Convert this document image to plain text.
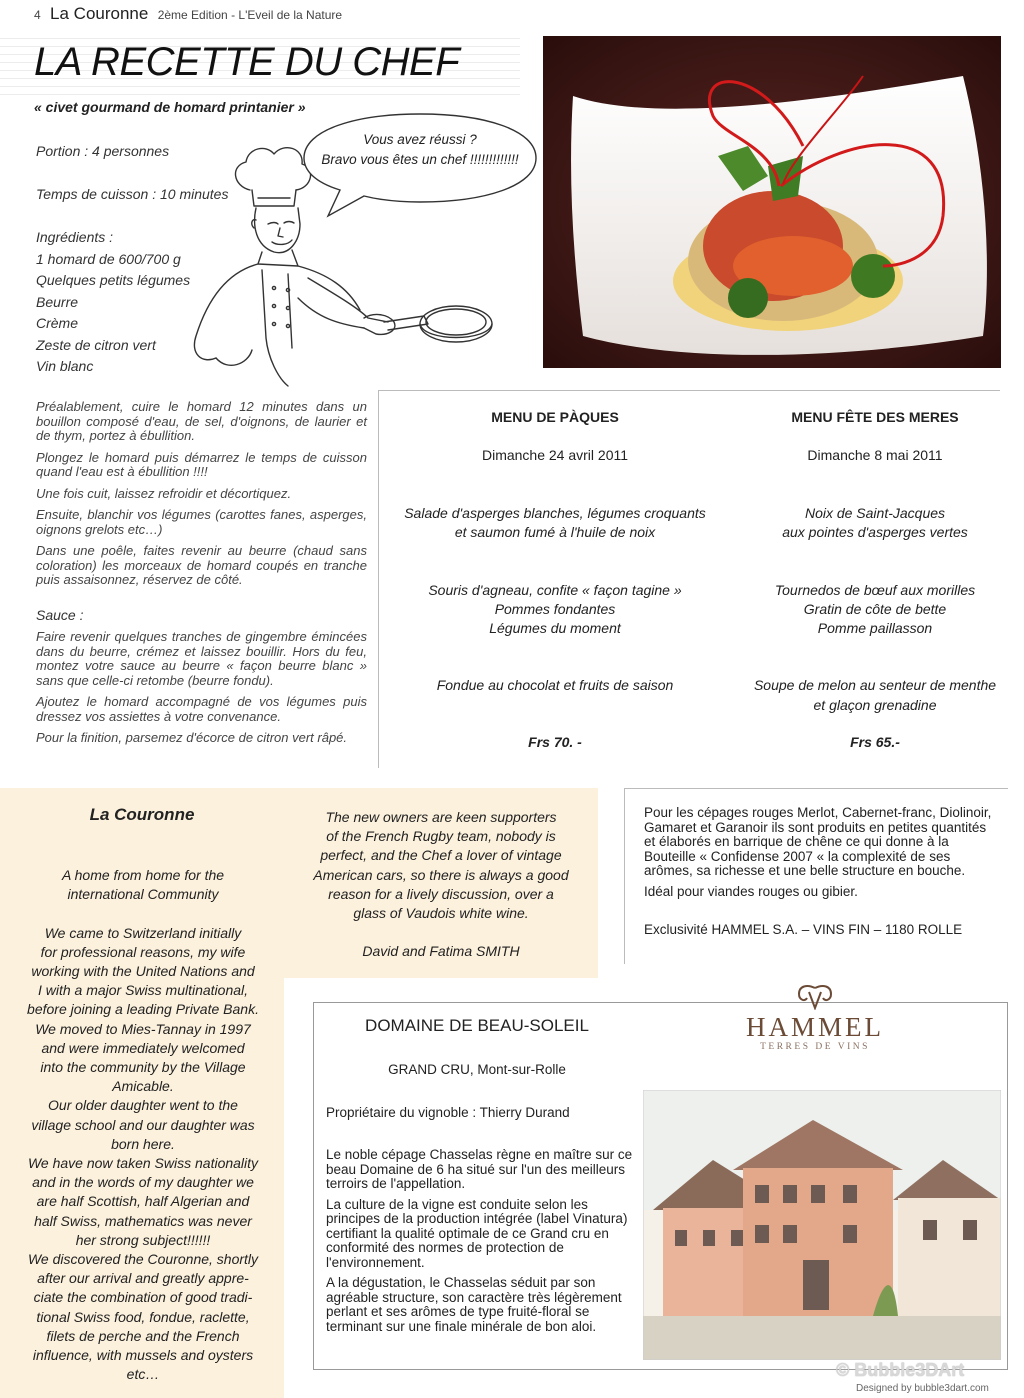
4 La Couronne 2ème Edition - L'Eveil de la Nature
LA RECETTE DU CHEF
« civet gourmand de homard printanier »
Portion : 4 personnes
Temps de cuisson : 10 minutes
Ingrédients :
1 homard de 600/700 g
Quelques petits légumes
Beurre
Crème
Zeste de citron vert
Vin blanc
Vous avez réussi ?
Bravo vous êtes un chef !!!!!!!!!!!!!

Préalablement, cuire le homard 12 minutes dans un bouillon composé d'eau, de sel, d'oignons, de laurier et de thym, portez à ébullition.

Plongez le homard puis démarrez le temps de cuisson quand l'eau est à ébullition !!!!

Une fois cuit, laissez refroidir et décortiquez.

Ensuite, blanchir vos légumes (carottes fanes, asperges, oignons grelots etc…)

Dans une poêle, faites revenir au beurre (chaud sans coloration) les morceaux de homard coupés en tranche puis assaisonnez, réservez de côté.

Sauce :

Faire revenir quelques tranches de gingembre émincées dans du beurre, crémez et laissez bouillir. Hors du feu, montez votre sauce au beurre « façon beurre blanc » sans que celle-ci retombe (beurre fondu).

Ajoutez le homard accompagné de vos légumes puis dressez vos assiettes à votre convenance.

Pour la finition, parsemez d'écorce de citron vert râpé.

MENU DE PÀQUES
Dimanche 24 avril 2011
Salade d'asperges blanches, légumes croquants
et saumon fumé à l'huile de noix
Souris d'agneau, confite « façon tagine »
Pommes fondantes
Légumes du moment
Fondue au chocolat et fruits de saison

Frs 70. -
MENU FÊTE DES MERES
Dimanche 8 mai 2011
Noix de Saint-Jacques
aux pointes d'asperges vertes
Tournedos de bœuf aux morilles
Gratin de côte de bette
Pomme paillasson
Soupe de melon au senteur de menthe
et glaçon grenadine
Frs 65.-
La Couronne
A home from home for the
international Community

We came to Switzerland initially
for professional reasons, my wife
working with the United Nations and
I with a major Swiss multinational,
before joining a leading Private Bank.
We moved to Mies-Tannay in 1997
and were immediately welcomed
into the community by the Village
Amicable.
Our older daughter went to the
village school and our daughter was
born here.
We have now taken Swiss nationality
and in the words of my daughter we
are half Scottish, half Algerian and
half Swiss, mathematics was never
her strong subject!!!!!!
We discovered the Couronne, shortly
after our arrival and greatly appre-
ciate the combination of good tradi-
tional Swiss food, fondue, raclette,
filets de perche and the French
influence, with mussels and oysters
etc…
The new owners are keen supporters
of the French Rugby team, nobody is
perfect, and the Chef a lover of vintage
American cars, so there is always a good
reason for a lively discussion, over a
glass of Vaudois white wine.

David and Fatima SMITH

Pour les cépages rouges Merlot, Cabernet-franc, Diolinoir, Gamaret et Garanoir ils sont produits en petites quantités et élaborés en barrique de chêne ce qui donne à la Bouteille « Confidense 2007 « la complexité de ses arômes, sa richesse et une belle structure en bouche.

Idéal pour viandes rouges ou gibier.

Exclusivité HAMMEL S.A. – VINS FIN – 1180 ROLLE

DOMAINE DE BEAU-SOLEIL
GRAND CRU, Mont-sur-Rolle
Propriétaire du vignoble : Thierry Durand

Le noble cépage Chasselas règne en maître sur ce beau Domaine de 6 ha situé sur l'un des meilleurs terroirs de l'appellation.

La culture de la vigne est conduite selon les principes de la production intégrée (label Vinatura) certifiant la qualité optimale de ce Grand cru en conformité des normes de protection de l'environnement.

A la dégustation, le Chasselas séduit par son agréable structure, son caractère très légèrement perlant et ses arômes de type fruité-floral se terminant sur une finale minérale de bon aloi.

HAMMEL
TERRES DE VINS
© Bubble3DArt
Designed by bubble3dart.com
